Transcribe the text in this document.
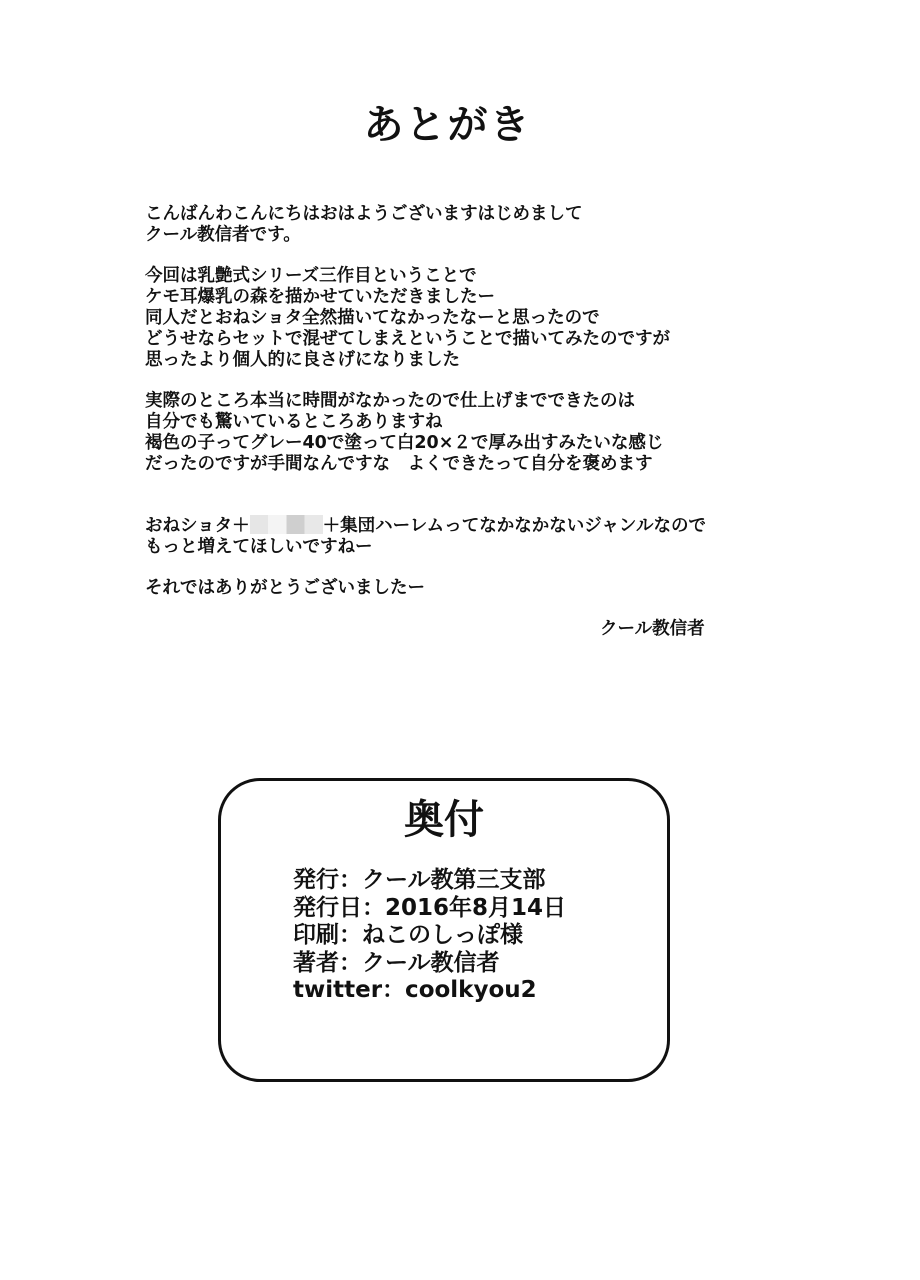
あとがき
こんばんわこんにちはおはようございますはじめまして
クール教信者です。
今回は乳艶式シリーズ三作目ということで
ケモ耳爆乳の森を描かせていただきましたー
同人だとおねショタ全然描いてなかったなーと思ったので
どうせならセットで混ぜてしまえということで描いてみたのですが
思ったより個人的に良さげになりました
実際のところ本当に時間がなかったので仕上げまでできたのは
自分でも驚いているところありますね
褐色の子ってグレー40で塗って白20×２で厚み出すみたいな感じ
だったのですが手間なんですな　よくできたって自分を褒めます
おねショタ＋	＋集団ハーレムってなかなかないジャンルなので
もっと増えてほしいですねー
それではありがとうございましたー
クール教信者
奥付
発行：クール教第三支部
発行日：2016年8月14日
印刷：ねこのしっぽ様
著者：クール教信者
twitter：coolkyou2
